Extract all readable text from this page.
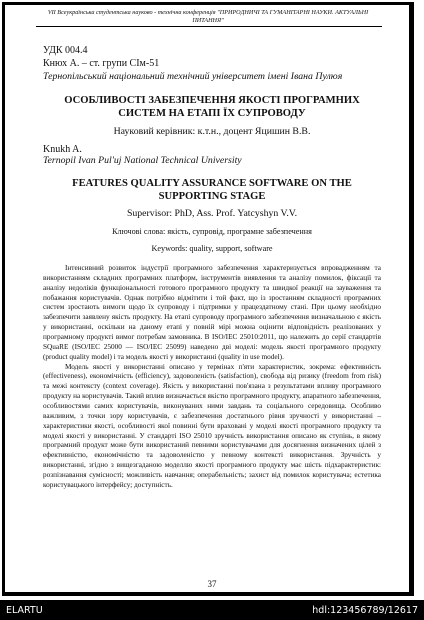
VII Всеукраїнська студентська науково - технічна конференція "ПРИРОДНИЧІ ТА ГУМАНІТАРНІ НАУКИ. АКТУАЛЬНІ ПИТАННЯ"
УДК 004.4
Кнюх А. – ст. групи СІм-51
Тернопільський національний технічний університет імені Івана Пулюя
ОСОБЛИВОСТІ ЗАБЕЗПЕЧЕННЯ ЯКОСТІ ПРОГРАМНИХ СИСТЕМ НА ЕТАПІ ЇХ СУПРОВОДУ
Науковий керівник: к.т.н., доцент Яцишин В.В.
Knukh A.
Ternopil Ivan Pul'uj National Technical University
FEATURES QUALITY ASSURANCE SOFTWARE ON THE SUPPORTING STAGE
Supervisor: PhD, Ass. Prof. Yatcyshyn V.V.
Ключові слова: якість, супровід, програмне забезпечення
Keywords: quality, support, software

Інтенсивний розвиток індустрії програмного забезпечення характеризується впровадженням та використанням складних програмних платформ, інструментів виявлення та аналізу помилок, фіксації та аналізу недоліків функціональності готового програмного продукту та швидкої реакції на зауваження та побажання користувачів. Однак потрібно відмітити і той факт, що із зростанням складності програмних систем зростають вимоги щодо їх супроводу і підтримки у працездатному стані. При цьому необхідно забезпечити заявлену якість продукту. На етапі супроводу програмного забезпечення визначальною є якість у використанні, оскільки на даному етапі у повній мірі можна оцінити відповідність реалізованих у програмному продукті вимог потребам замовника. В ISO/IEC 25010:2011, що належить до серії стандартів SQuaRE (ISO/IEC 25000 — ISO/IEC 25099) наведено дві моделі: модель якості програмного продукту (product quality model) і та модель якості у використанні (quality in use model).

Модель якості у використанні описано у термінах п'яти характеристик, зокрема: ефективність (effectiveness), економічність (efficiency), задоволеність (satisfaction), свобода від ризику (freedom from risk) та межі контексту (context coverage). Якість у використанні пов'язана з результатами впливу програмного продукту на користувачів. Такий вплив визначається якістю програмного продукту, апаратного забезпечення, особливостями самих користувачів, виконуваних ними завдань та соціального середовища. Особливо важливим, з точки зору користувачів, є забезпечення достатнього рівня зручності у використанні – характеристики якості, особливості якої повинні бути враховані у моделі якості програмного продукту та моделі якості у використанні. У стандарті ISO 25010 зручність використання описано як ступінь, в якому програмний продукт може бути використаний певними користувачами для досягнення визначених цілей з ефективністю, економічністю та задоволеністю у певному контексті використання. Зручність у використанні, згідно з вищезгаданою моделлю якості програмного продукту має шість підхарактеристик: розпізнавання сумісності; можливість навчання; операбельність; захист від помилок користувача; естетика користувацького інтерфейсу; доступність.

37
ELARTU	hdl:123456789/12617
